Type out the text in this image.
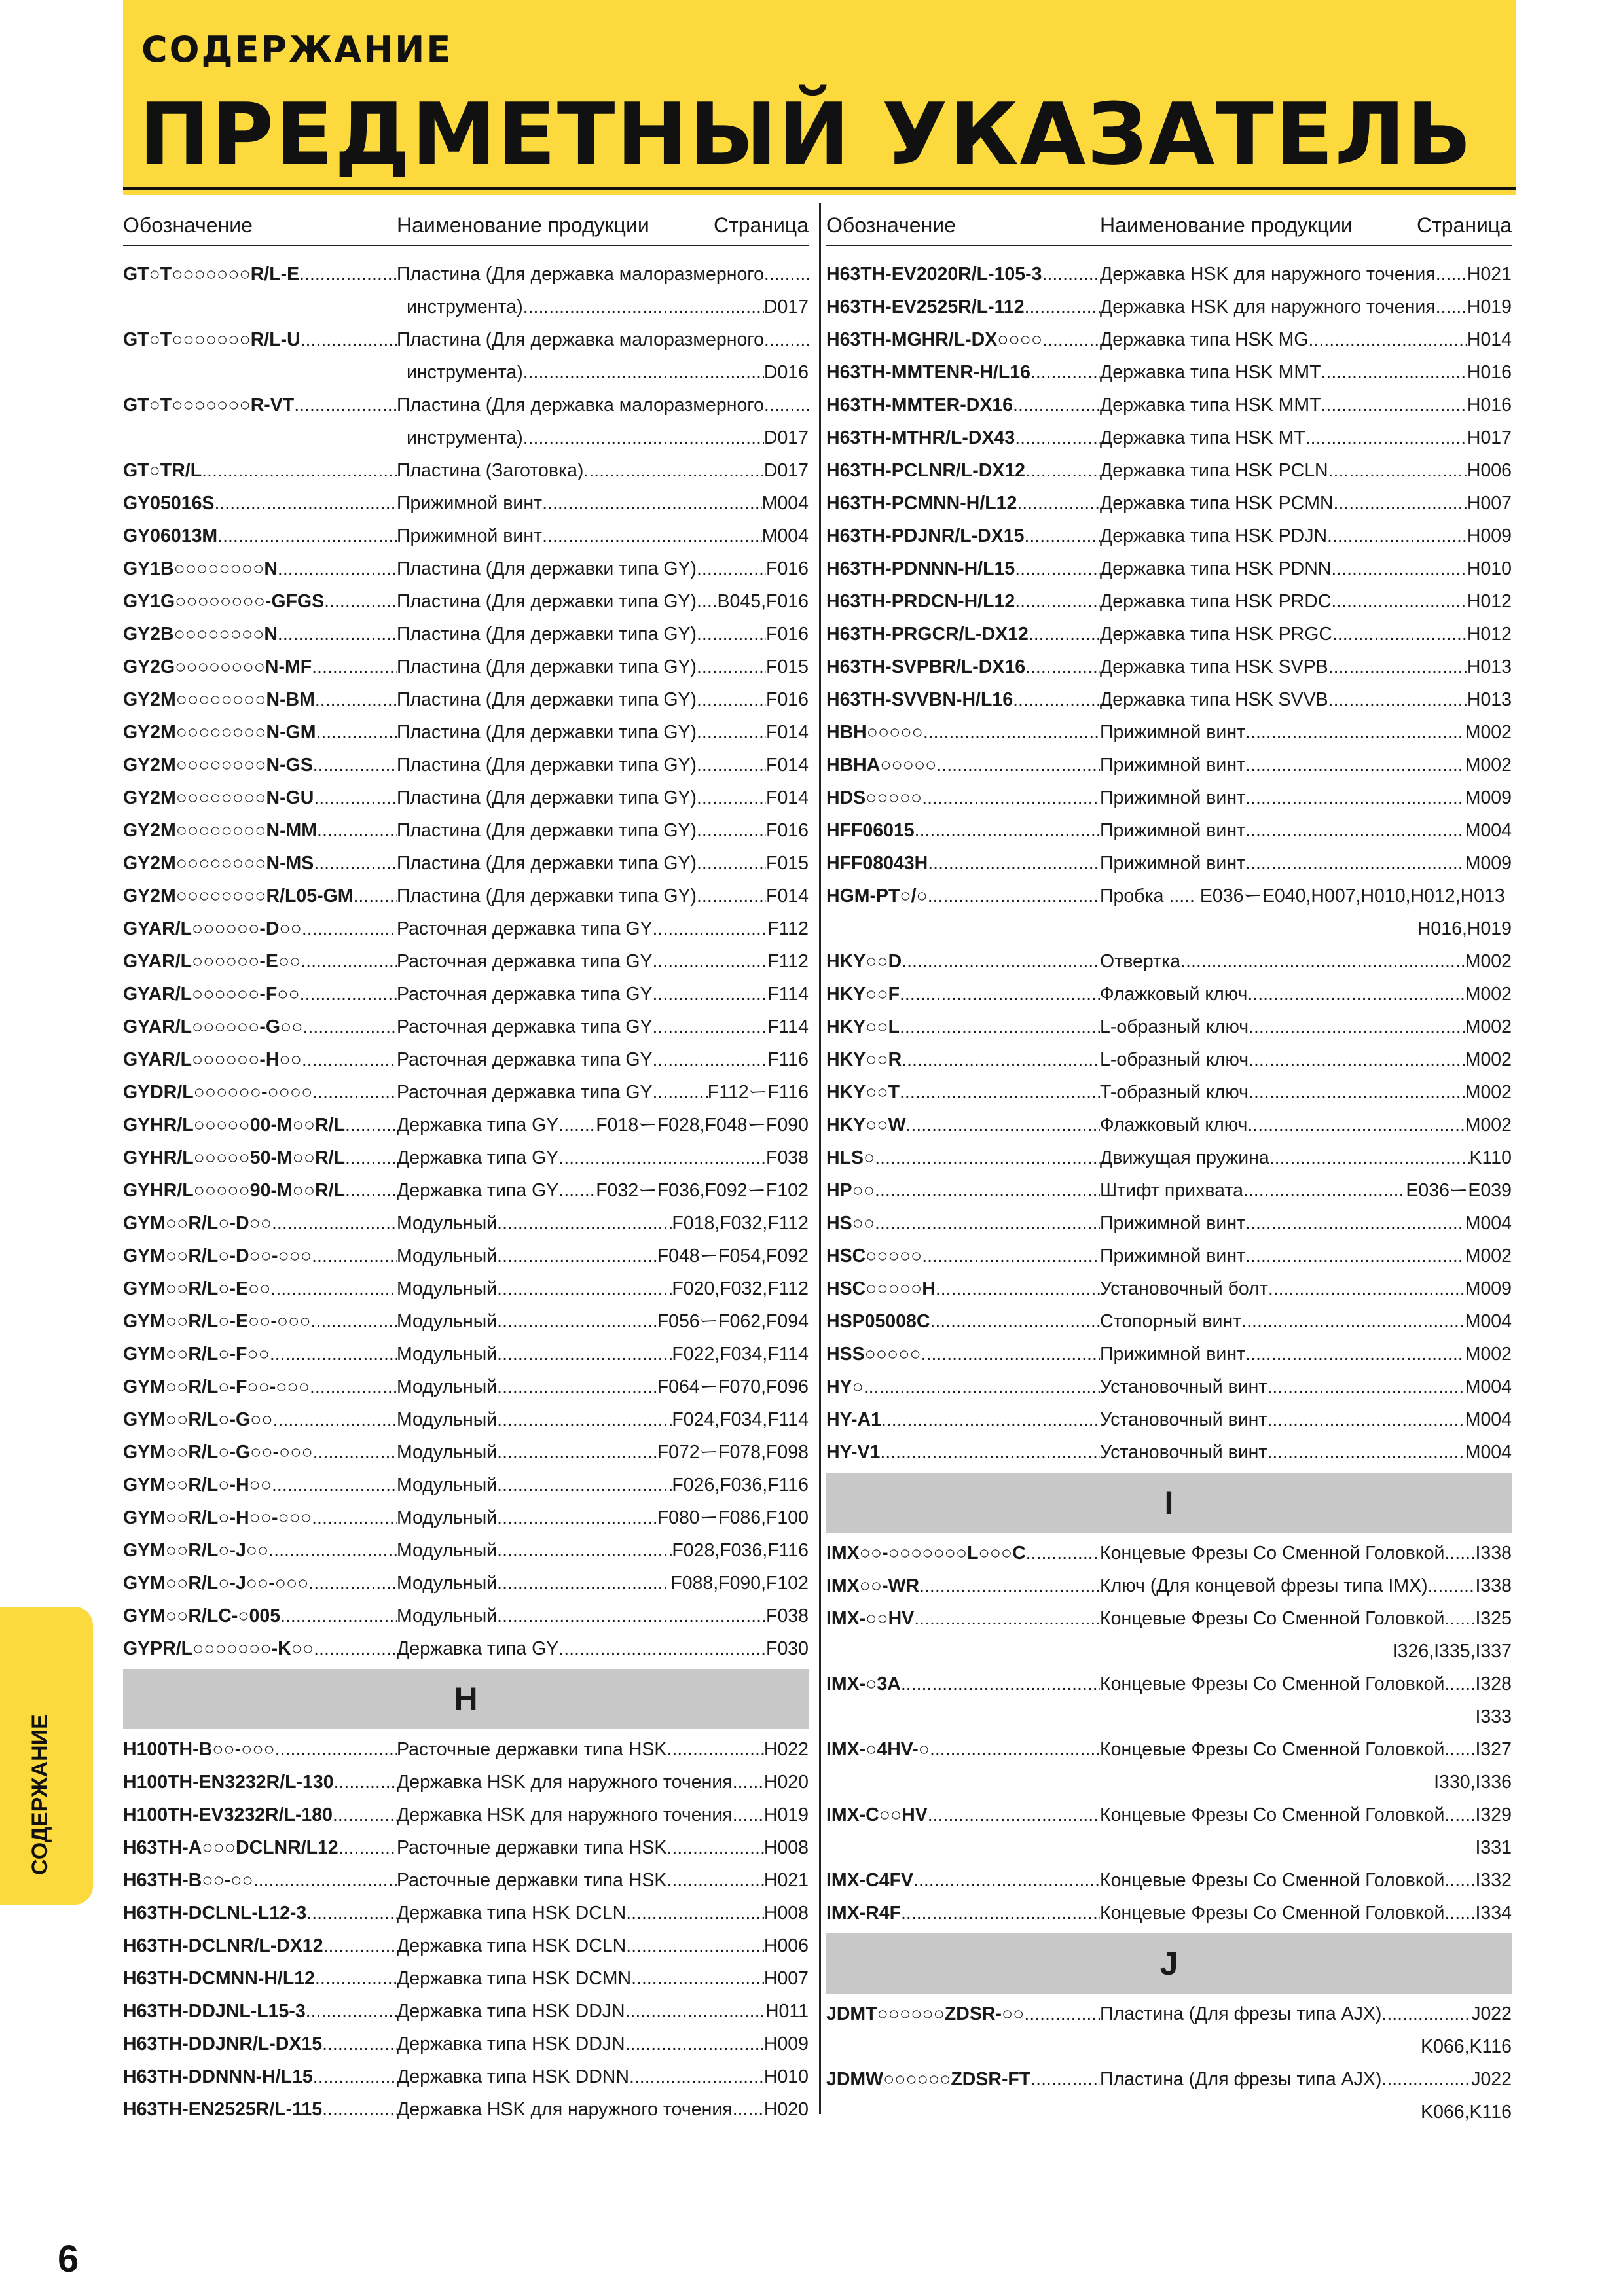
СОДЕРЖАНИЕ
ПРЕДМЕТНЫЙ УКАЗАТЕЛЬ
Обозначение	Наименование продукции	Страница
GT○T○○○○○○○R/L-E .....	Пластина (Для державка малоразмерного
.....
инструмента) .....	D017
GT○T○○○○○○○R/L-U .....	Пластина (Для державка малоразмерного
.....
инструмента) .....	D016
GT○T○○○○○○○R-VT .....	Пластина (Для державка малоразмерного
.....
инструмента) .....	D017
GT○TR/L .....	Пластина (Заготовка) .....	D017
GY05016S .....	Прижимной винт .....	M004
GY06013M .....	Прижимной винт .....	M004
GY1B○○○○○○○○N .....	Пластина (Для державки типа GY) .....	F016
GY1G○○○○○○○○-GFGS .....	Пластина (Для державки типа GY) ..... B045,F016
GY2B○○○○○○○○N .....	Пластина (Для державки типа GY) .....	F016
GY2G○○○○○○○○N-MF .....	Пластина (Для державки типа GY) .....	F015
GY2M○○○○○○○○N-BM .....	Пластина (Для державки типа GY) .....	F016
GY2M○○○○○○○○N-GM .....	Пластина (Для державки типа GY) .....	F014
GY2M○○○○○○○○N-GS .....	Пластина (Для державки типа GY) .....	F014
GY2M○○○○○○○○N-GU .....	Пластина (Для державки типа GY) .....	F014
GY2M○○○○○○○○N-MM .....	Пластина (Для державки типа GY) .....	F016
GY2M○○○○○○○○N-MS .....	Пластина (Для державки типа GY) .....	F015
GY2M○○○○○○○○R/L05-GM ..... Пластина (Для державки типа GY) .....	F014
GYAR/L○○○○○○-D○○ .....	Расточная державка типа GY .....	F112
GYAR/L○○○○○○-E○○ .....	Расточная державка типа GY .....	F112
GYAR/L○○○○○○-F○○ .....	Расточная державка типа GY .....	F114
GYAR/L○○○○○○-G○○ .....	Расточная державка типа GY .....	F114
GYAR/L○○○○○○-H○○ .....	Расточная державка типа GY .....	F116
GYDR/L○○○○○○-○○○○ .....	Расточная державка типа GY .....	F112ーF116
GYHR/L○○○○○00-M○○R/L .....	Державка типа GY ..... F018ーF028,F048ーF090
GYHR/L○○○○○50-M○○R/L .....	Державка типа GY .....	F038
GYHR/L○○○○○90-M○○R/L .....	Державка типа GY ..... F032ーF036,F092ーF102
GYM○○R/L○-D○○ .....	Модульный .....	F018,F032,F112
GYM○○R/L○-D○○-○○○ .....	Модульный .....	F048ーF054,F092
GYM○○R/L○-E○○ .....	Модульный .....	F020,F032,F112
GYM○○R/L○-E○○-○○○ .....	Модульный .....	F056ーF062,F094
GYM○○R/L○-F○○ .....	Модульный .....	F022,F034,F114
GYM○○R/L○-F○○-○○○ .....	Модульный .....	F064ーF070,F096
GYM○○R/L○-G○○ .....	Модульный .....	F024,F034,F114
GYM○○R/L○-G○○-○○○ .....	Модульный .....	F072ーF078,F098
GYM○○R/L○-H○○ .....	Модульный .....	F026,F036,F116
GYM○○R/L○-H○○-○○○ .....	Модульный .....	F080ーF086,F100
GYM○○R/L○-J○○ .....	Модульный .....	F028,F036,F116
GYM○○R/L○-J○○-○○○ .....	Модульный .....	F088,F090,F102
GYM○○R/LC-○005 .....	Модульный .....	F038
GYPR/L○○○○○○○-K○○ .....	Державка типа GY .....	F030
H
H100TH-B○○-○○○ .....	Расточные державки типа HSK .....	H022
H100TH-EN3232R/L-130 .....	Державка HSK для наружного точения ..... H020
H100TH-EV3232R/L-180 .....	Державка HSK для наружного точения ..... H019
H63TH-A○○○DCLNR/L12 .....	Расточные державки типа HSK .....	H008
H63TH-B○○-○○ .....	Расточные державки типа HSK .....	H021
H63TH-DCLNL-L12-3 .....	Державка типа HSK DCLN .....	H008
H63TH-DCLNR/L-DX12 .....	Державка типа HSK DCLN .....	H006
H63TH-DCMNN-H/L12 .....	Державка типа HSK DCMN .....	H007
H63TH-DDJNL-L15-3 .....	Державка типа HSK DDJN .....	H011
H63TH-DDJNR/L-DX15 .....	Державка типа HSK DDJN .....	H009
H63TH-DDNNN-H/L15 .....	Державка типа HSK DDNN .....	H010
H63TH-EN2525R/L-115 .....	Державка HSK для наружного точения ..... H020
Обозначение	Наименование продукции	Страница
H63TH-EV2020R/L-105-3 .....	Державка HSK для наружного точения ..... H021
H63TH-EV2525R/L-112 .....	Державка HSK для наружного точения ..... H019
H63TH-MGHR/L-DX○○○○ .....	Державка типа HSK MG .....	H014
H63TH-MMTENR-H/L16 .....	Державка типа HSK MMT .....	H016
H63TH-MMTER-DX16 .....	Державка типа HSK MMT .....	H016
H63TH-MTHR/L-DX43 .....	Державка типа HSK MT .....	H017
H63TH-PCLNR/L-DX12 .....	Державка типа HSK PCLN .....	H006
H63TH-PCMNN-H/L12 .....	Державка типа HSK PCMN .....	H007
H63TH-PDJNR/L-DX15 .....	Державка типа HSK PDJN .....	H009
H63TH-PDNNN-H/L15 .....	Державка типа HSK PDNN .....	H010
H63TH-PRDCN-H/L12 .....	Державка типа HSK PRDC .....	H012
H63TH-PRGCR/L-DX12 .....	Державка типа HSK PRGC .....	H012
H63TH-SVPBR/L-DX16 .....	Державка типа HSK SVPB .....	H013
H63TH-SVVBN-H/L16 .....	Державка типа HSK SVVB .....	H013
HBH○○○○○ .....	Прижимной винт .....	M002
HBHA○○○○○ .....	Прижимной винт .....	M002
HDS○○○○○ .....	Прижимной винт .....	M009
HFF06015 .....	Прижимной винт .....	M004
HFF08043H .....	Прижимной винт .....	M009
HGM-PT○/○ .....	Пробка ..... E036ーE040,H007,H010,H012,H013
H016,H019
HKY○○D .....	Отвертка .....	M002
HKY○○F .....	Флажковый ключ .....	M002
HKY○○L .....	L-образный ключ .....	M002
HKY○○R .....	L-образный ключ .....	M002
HKY○○T .....	T-образный ключ .....	M002
HKY○○W .....	Флажковый ключ .....	M002
HLS○ .....	Движущая пружина .....	K110
HP○○ .....	Штифт прихвата .....	E036ーE039
HS○○ .....	Прижимной винт .....	M004
HSC○○○○○ .....	Прижимной винт .....	M002
HSC○○○○○H .....	Установочный болт .....	M009
HSP05008C .....	Стопорный винт .....	M004
HSS○○○○○ .....	Прижимной винт .....	M002
HY○ .....	Установочный винт .....	M004
HY-A1 .....	Установочный винт .....	M004
HY-V1 .....	Установочный винт .....	M004
I
IMX○○-○○○○○○○L○○○C .....	Концевые Фрезы Со Сменной Головкой ..... I338
IMX○○-WR .....	Ключ (Для концевой фрезы типа IMX) .....	I338
IMX-○○HV .....	Концевые Фрезы Со Сменной Головкой ..... I325
I326,I335,I337
IMX-○3A .....	Концевые Фрезы Со Сменной Головкой ..... I328
I333
IMX-○4HV-○ .....	Концевые Фрезы Со Сменной Головкой ..... I327
I330,I336
IMX-C○○HV .....	Концевые Фрезы Со Сменной Головкой ..... I329
I331
IMX-C4FV .....	Концевые Фрезы Со Сменной Головкой ..... I332
IMX-R4F .....	Концевые Фрезы Со Сменной Головкой ..... I334
J
JDMT○○○○○○ZDSR-○○ .....	Пластина (Для фрезы типа AJX) .....	J022
K066,K116
JDMW○○○○○○ZDSR-FT .....	Пластина (Для фрезы типа AJX) .....	J022
K066,K116
СОДЕРЖАНИЕ
6
